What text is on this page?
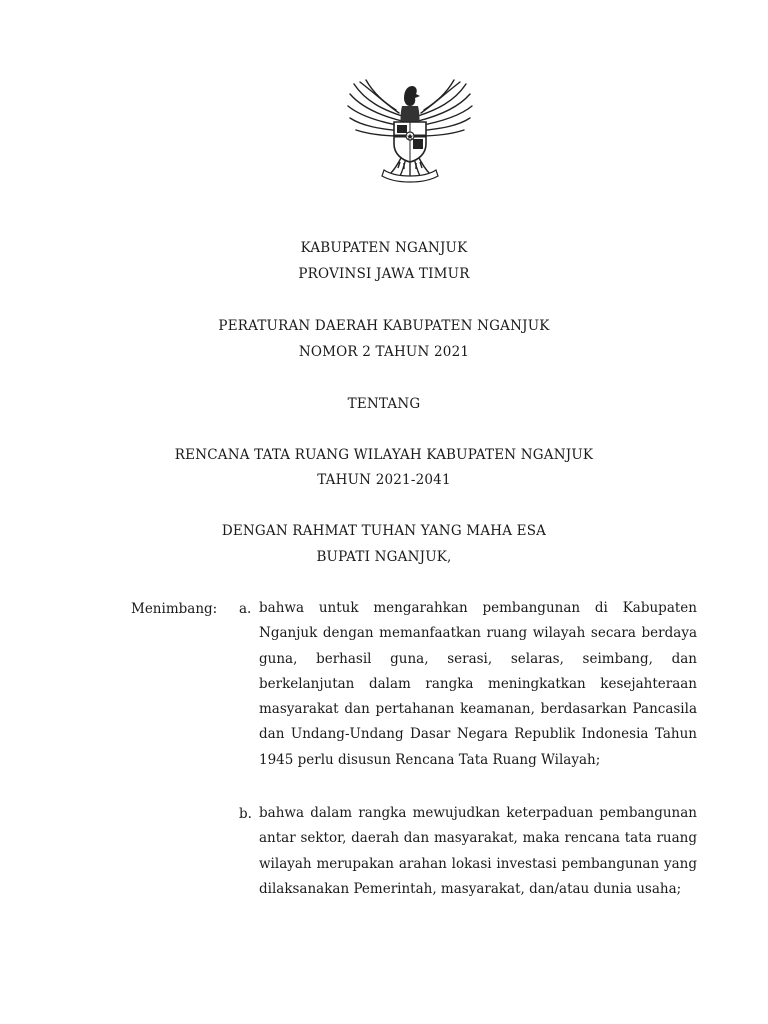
KABUPATEN NGANJUK
PROVINSI JAWA TIMUR
PERATURAN DAERAH KABUPATEN NGANJUK
NOMOR 2 TAHUN 2021
TENTANG
RENCANA TATA RUANG WILAYAH KABUPATEN NGANJUK
TAHUN 2021-2041
DENGAN RAHMAT TUHAN YANG MAHA ESA
BUPATI NGANJUK,
Menimbang: a. bahwa untuk mengarahkan pembangunan di Kabupaten Nganjuk dengan memanfaatkan ruang wilayah secara berdaya guna, berhasil guna, serasi, selaras, seimbang, dan berkelanjutan dalam rangka meningkatkan kesejahteraan masyarakat dan pertahanan keamanan, berdasarkan Pancasila dan Undang-Undang Dasar Negara Republik Indonesia Tahun 1945 perlu disusun Rencana Tata Ruang Wilayah;
b. bahwa dalam rangka mewujudkan keterpaduan pembangunan antar sektor, daerah dan masyarakat, maka rencana tata ruang wilayah merupakan arahan lokasi investasi pembangunan yang dilaksanakan Pemerintah, masyarakat, dan/atau dunia usaha;
